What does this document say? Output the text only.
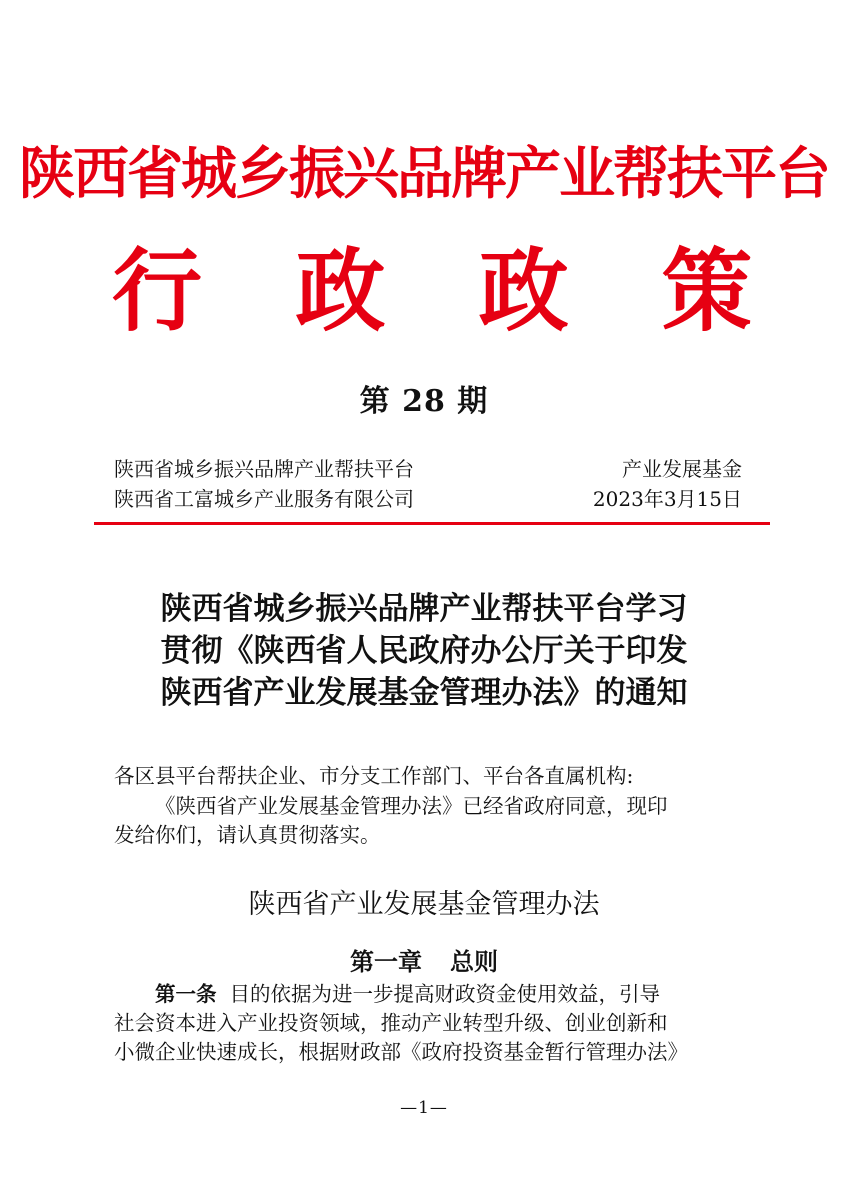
陕西省城乡振兴品牌产业帮扶平台
行 政 政 策
第 28 期
陕西省城乡振兴品牌产业帮扶平台
陕西省工富城乡产业服务有限公司
产业发展基金
2023年3月15日
陕西省城乡振兴品牌产业帮扶平台学习
贯彻《陕西省人民政府办公厅关于印发
陕西省产业发展基金管理办法》的通知
各区县平台帮扶企业、市分支工作部门、平台各直属机构:
《陕西省产业发展基金管理办法》已经省政府同意，现印
发给你们，请认真贯彻落实。
陕西省产业发展基金管理办法
第一章 总则
第一条 目的依据为进一步提高财政资金使用效益，引导
社会资本进入产业投资领域，推动产业转型升级、创业创新和
小微企业快速成长，根据财政部《政府投资基金暂行管理办法》
—1—
